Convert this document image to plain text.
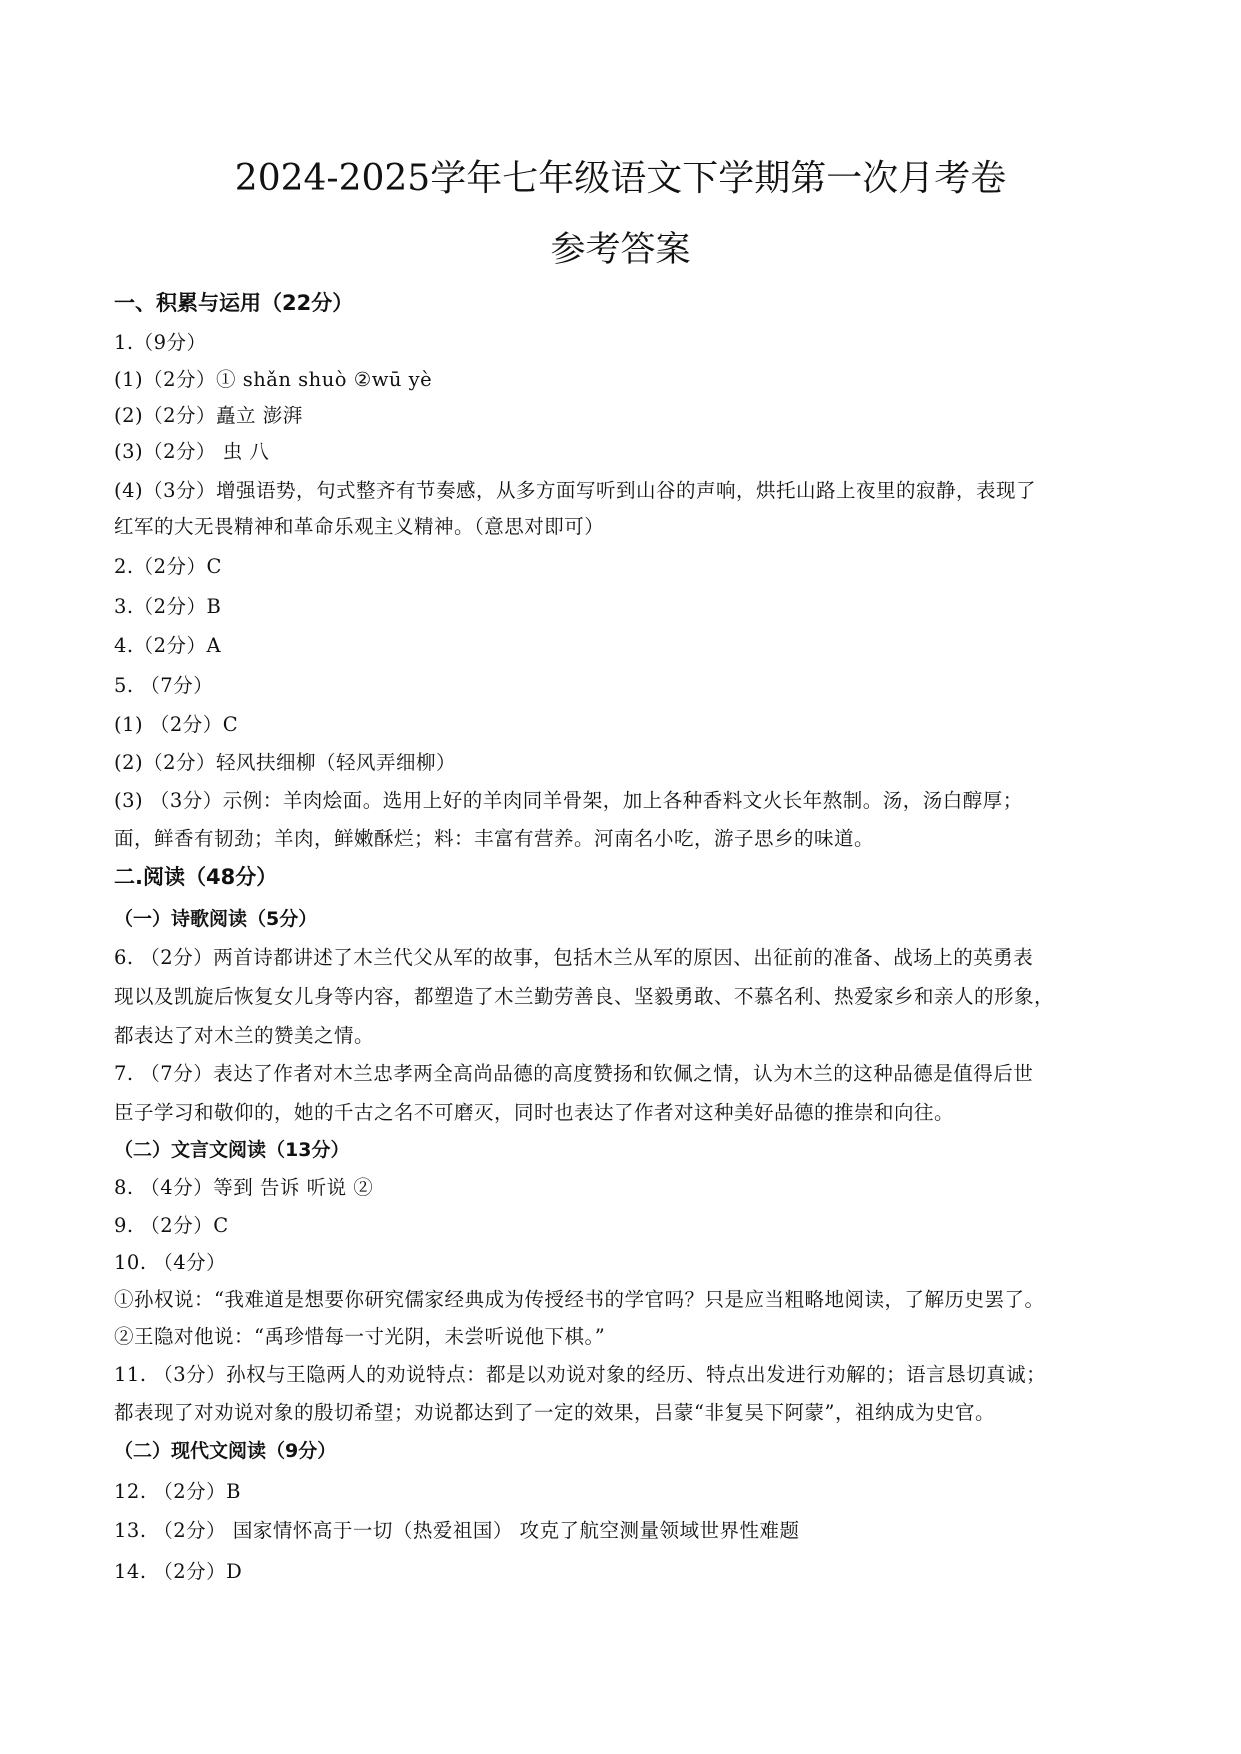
2024-2025学年七年级语文下学期第一次月考卷
参考答案
一、积累与运用（22分）
1.（9分）
(1)（2分）① shǎn shuò ②wū yè
(2)（2分）矗立 澎湃
(3)（2分） 虫 八
(4)（3分）增强语势，句式整齐有节奏感，从多方面写听到山谷的声响，烘托山路上夜里的寂静，表现了
红军的大无畏精神和革命乐观主义精神。（意思对即可）
2.（2分）C
3.（2分）B
4.（2分）A
5. （7分）
(1) （2分）C
(2)（2分）轻风扶细柳（轻风弄细柳）
(3) （3分）示例：羊肉烩面。选用上好的羊肉同羊骨架，加上各种香料文火长年熬制。汤，汤白醇厚；
面，鲜香有韧劲；羊肉，鲜嫩酥烂；料：丰富有营养。河南名小吃，游子思乡的味道。
二.阅读（48分）
（一）诗歌阅读（5分）
6. （2分）两首诗都讲述了木兰代父从军的故事，包括木兰从军的原因、出征前的准备、战场上的英勇表
现以及凯旋后恢复女儿身等内容，都塑造了木兰勤劳善良、坚毅勇敢、不慕名利、热爱家乡和亲人的形象，
都表达了对木兰的赞美之情。
7. （7分）表达了作者对木兰忠孝两全高尚品德的高度赞扬和钦佩之情，认为木兰的这种品德是值得后世
臣子学习和敬仰的，她的千古之名不可磨灭，同时也表达了作者对这种美好品德的推崇和向往。
（二）文言文阅读（13分）
8. （4分）等到 告诉 听说 ②
9. （2分）C
10. （4分）
①孙权说：“我难道是想要你研究儒家经典成为传授经书的学官吗？只是应当粗略地阅读，了解历史罢了。
②王隐对他说：“禹珍惜每一寸光阴，未尝听说他下棋。”
11. （3分）孙权与王隐两人的劝说特点：都是以劝说对象的经历、特点出发进行劝解的；语言恳切真诚；
都表现了对劝说对象的殷切希望；劝说都达到了一定的效果，吕蒙“非复吴下阿蒙”，祖纳成为史官。
（二）现代文阅读（9分）
12. （2分）B
13. （2分） 国家情怀高于一切（热爱祖国） 攻克了航空测量领域世界性难题
14. （2分）D
